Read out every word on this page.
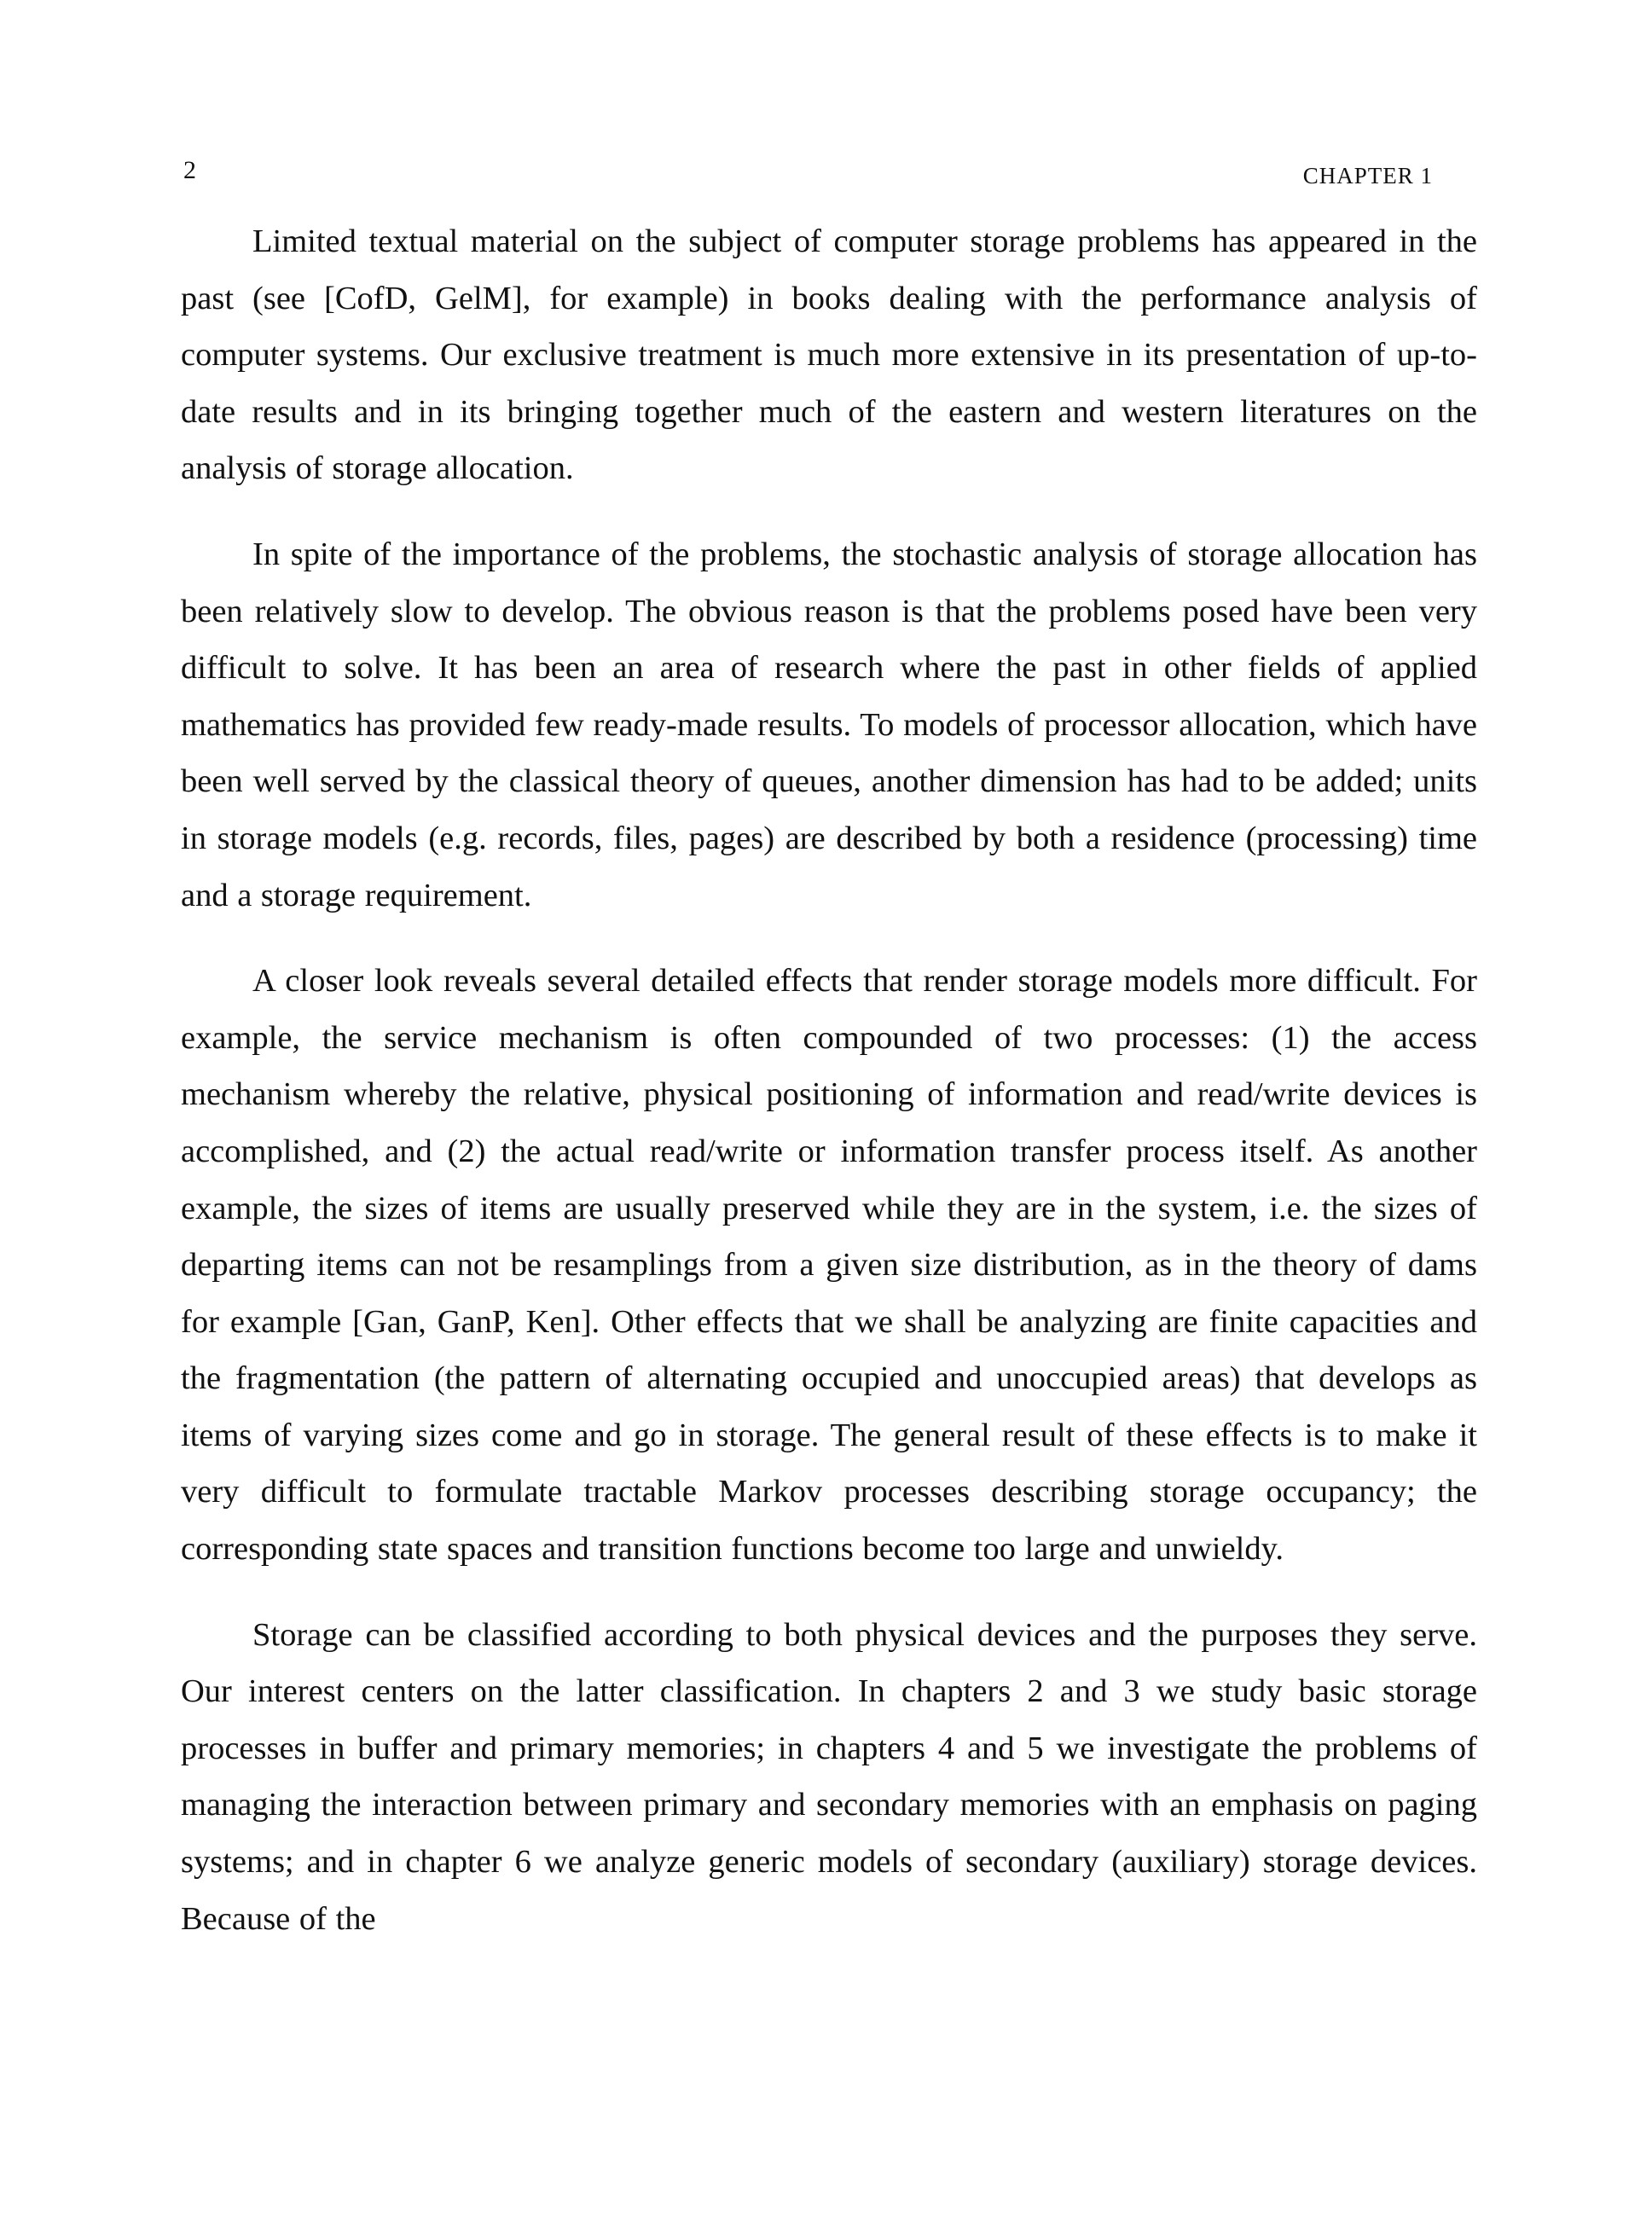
2	CHAPTER 1

Limited textual material on the subject of computer storage problems has appeared in the past (see [CofD, GelM], for example) in books dealing with the performance analysis of computer systems. Our exclusive treatment is much more extensive in its presentation of up-to-date results and in its bringing together much of the eastern and western literatures on the analysis of storage allocation.

In spite of the importance of the problems, the stochastic analysis of storage allocation has been relatively slow to develop. The obvious reason is that the problems posed have been very difficult to solve. It has been an area of research where the past in other fields of applied mathematics has provided few ready-made results. To models of processor allocation, which have been well served by the classical theory of queues, another dimension has had to be added; units in storage models (e.g. records, files, pages) are described by both a residence (processing) time and a storage requirement.

A closer look reveals several detailed effects that render storage models more difficult. For example, the service mechanism is often compounded of two processes: (1) the access mechanism whereby the relative, physical positioning of information and read/write devices is accomplished, and (2) the actual read/write or information transfer process itself. As another example, the sizes of items are usually preserved while they are in the system, i.e. the sizes of departing items can not be resamplings from a given size distribution, as in the theory of dams for example [Gan, GanP, Ken]. Other effects that we shall be analyzing are finite capacities and the fragmentation (the pattern of alternating occupied and unoccupied areas) that develops as items of varying sizes come and go in storage. The general result of these effects is to make it very difficult to formulate tractable Markov processes describing storage occupancy; the corresponding state spaces and transition functions become too large and unwieldy.

Storage can be classified according to both physical devices and the purposes they serve. Our interest centers on the latter classification. In chapters 2 and 3 we study basic storage processes in buffer and primary memories; in chapters 4 and 5 we investigate the problems of managing the interaction between primary and secondary memories with an emphasis on paging systems; and in chapter 6 we analyze generic models of secondary (auxiliary) storage devices. Because of the
